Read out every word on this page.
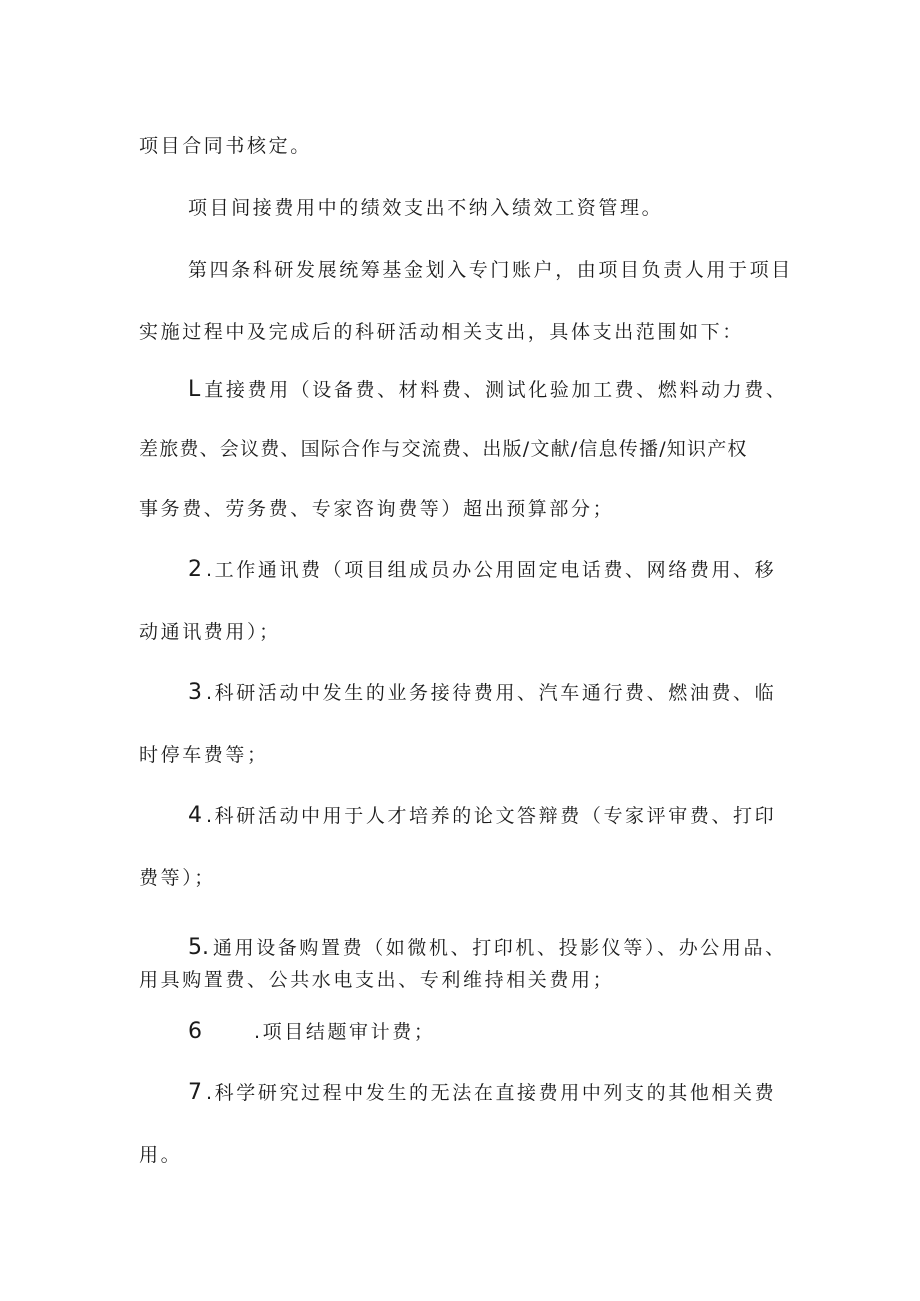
项目合同书核定。
项目间接费用中的绩效支出不纳入绩效工资管理。
第四条科研发展统筹基金划入专门账户，由项目负责人用于项目
实施过程中及完成后的科研活动相关支出，具体支出范围如下：
L 直接费用（设备费、材料费、测试化验加工费、燃料动力费、
差旅费、会议费、国际合作与交流费、出版/文献/信息传播/知识产权
事务费、劳务费、专家咨询费等）超出预算部分；
2 .工作通讯费（项目组成员办公用固定电话费、网络费用、移
动通讯费用）；
3 .科研活动中发生的业务接待费用、汽车通行费、燃油费、临
时停车费等；
4 .科研活动中用于人才培养的论文答辩费（专家评审费、打印
费等）；
5. 通用设备购置费（如微机、打印机、投影仪等）、办公用品、
用具购置费、公共水电支出、专利维持相关费用；
6	.项目结题审计费；
7 .科学研究过程中发生的无法在直接费用中列支的其他相关费
用。
